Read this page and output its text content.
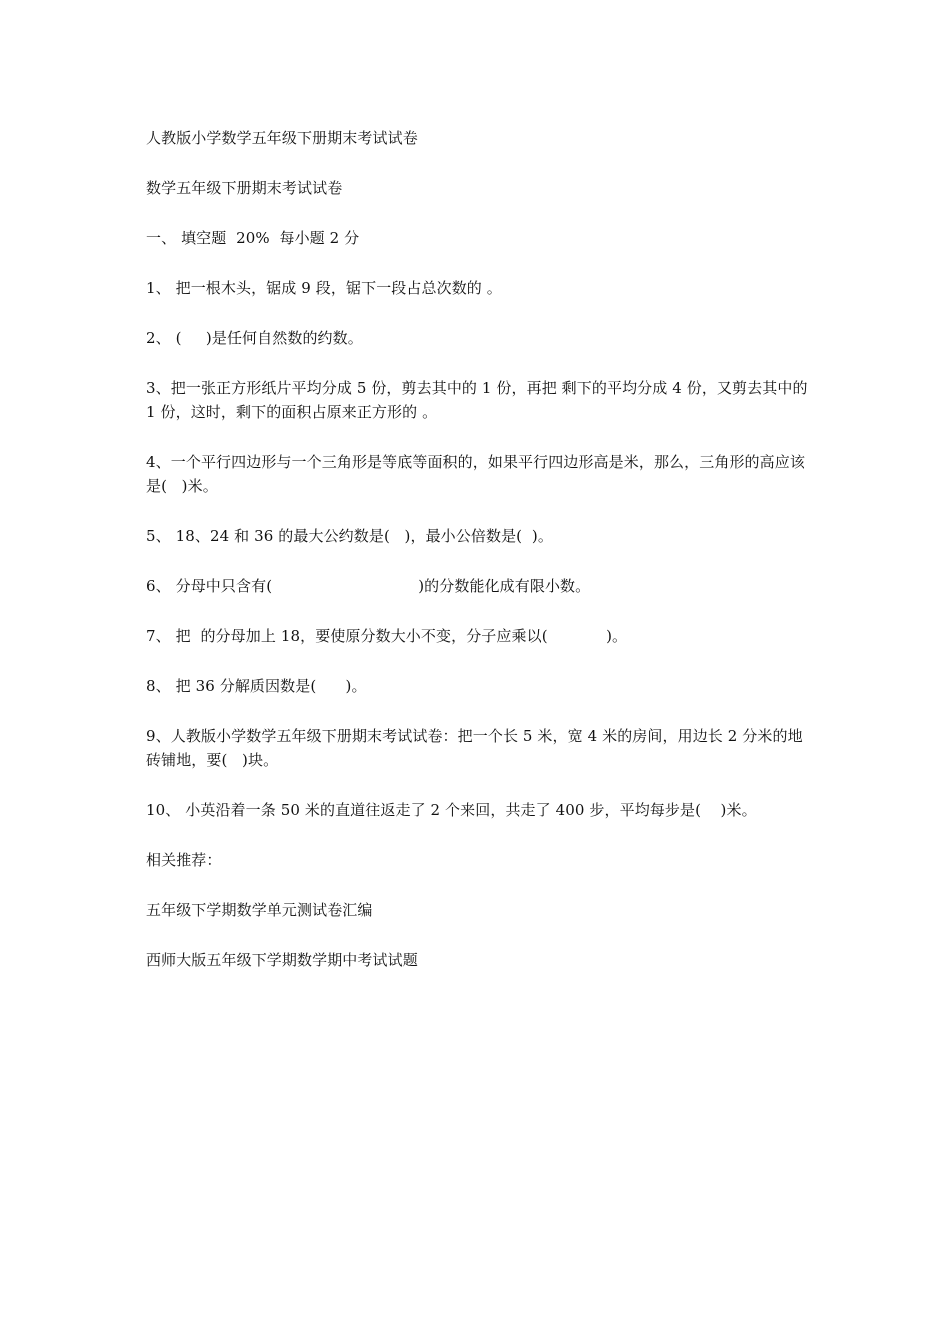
人教版小学数学五年级下册期末考试试卷

数学五年级下册期末考试试卷

一、 填空题  20%  每小题 2 分

1、 把一根木头，锯成 9 段，锯下一段占总次数的 。

2、 (     )是任何自然数的约数。

3、把一张正方形纸片平均分成 5 份，剪去其中的 1 份，再把 剩下的平均分成 4 份，又剪去其中的 1 份，这时，剩下的面积占原来正方形的 。

4、一个平行四边形与一个三角形是等底等面积的，如果平行四边形高是米，那么，三角形的高应该是(   )米。

5、 18、24 和 36 的最大公约数是(   )，最小公倍数是(  )。

6、 分母中只含有(                              )的分数能化成有限小数。

7、 把  的分母加上 18，要使原分数大小不变，分子应乘以(            )。

8、 把 36 分解质因数是(      )。

9、人教版小学数学五年级下册期末考试试卷：把一个长 5 米，宽 4 米的房间，用边长 2 分米的地砖铺地，要(   )块。

10、 小英沿着一条 50 米的直道往返走了 2 个来回，共走了 400 步，平均每步是(    )米。

相关推荐：

五年级下学期数学单元测试卷汇编

西师大版五年级下学期数学期中考试试题
